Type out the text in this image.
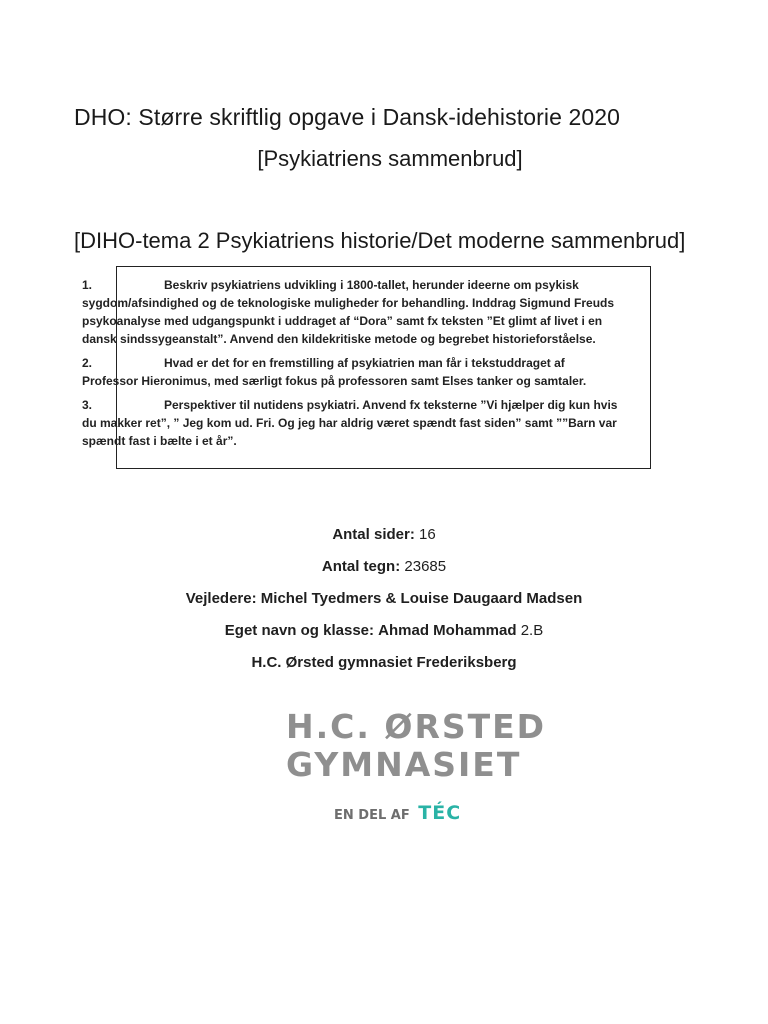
DHO: Større skriftlig opgave i Dansk-idehistorie 2020
[Psykiatriens sammenbrud]
[DIHO-tema 2 Psykiatriens historie/Det moderne sammenbrud]
1.	Beskriv psykiatriens udvikling i 1800-tallet, herunder ideerne om psykisk sygdom/afsindighed og de teknologiske muligheder for behandling. Inddrag Sigmund Freuds psykoanalyse med udgangspunkt i uddraget af “Dora” samt fx teksten ”Et glimt af livet i en dansk sindssygeanstalt”. Anvend den kildekritiske metode og begrebet historieforståelse.
2.	Hvad er det for en fremstilling af psykiatrien man får i tekstuddraget af Professor Hieronimus, med særligt fokus på professoren samt Elses tanker og samtaler.
3.	Perspektiver til nutidens psykiatri. Anvend fx teksterne ”Vi hjælper dig kun hvis du makker ret”, ” Jeg kom ud. Fri. Og jeg har aldrig været spændt fast siden” samt ””Barn var spændt fast i bælte i et år”.
Antal sider: 16
Antal tegn: 23685
Vejledere: Michel Tyedmers & Louise Daugaard Madsen
Eget navn og klasse: Ahmad Mohammad 2.B
H.C. Ørsted gymnasiet Frederiksberg
H.C. ØRSTED
GYMNASIET
EN DEL AF TÉC
